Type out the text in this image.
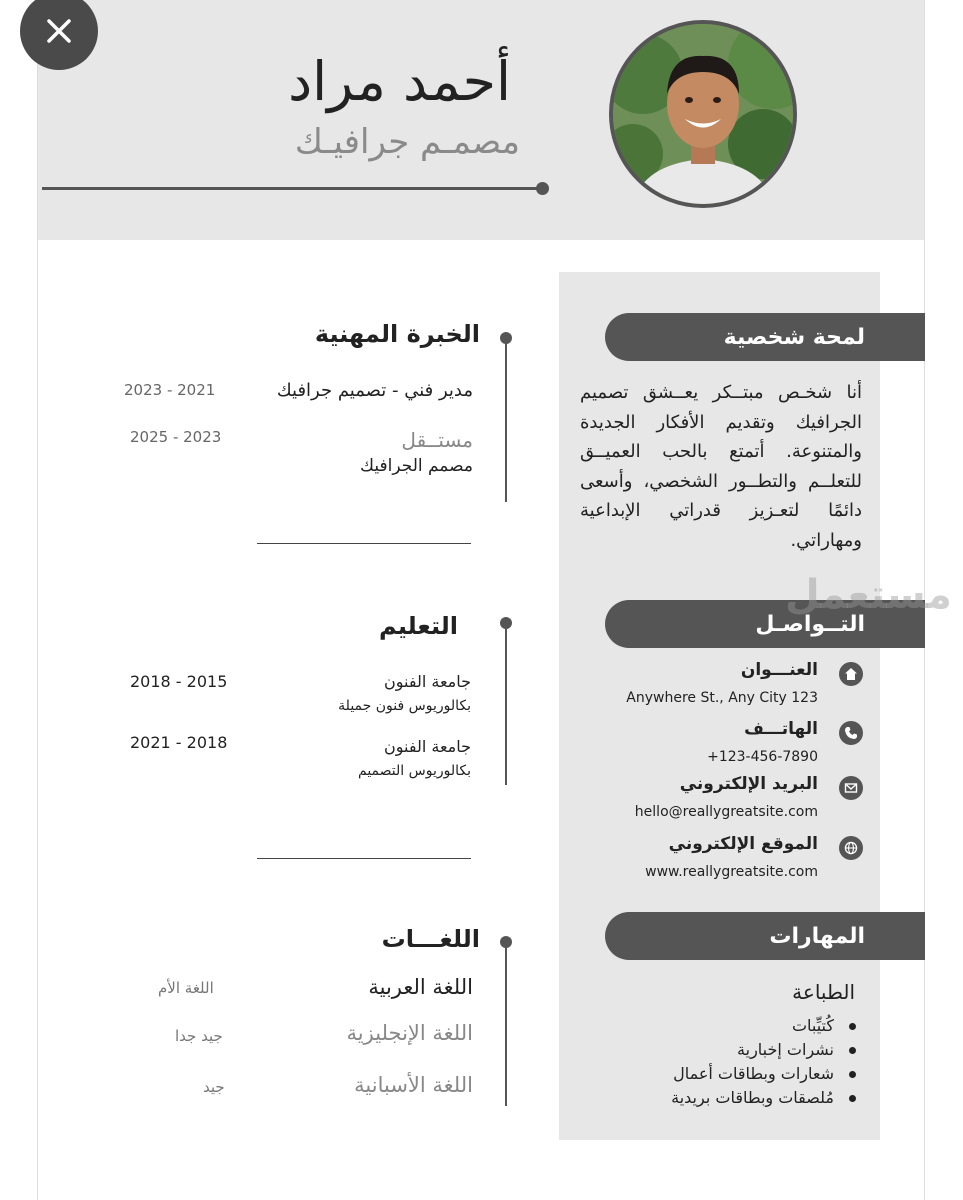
أحمد مراد
مصمـم جرافيـك
لمحة شخصية
أنا شخـص مبتــكر يعــشق تصميم الجرافيك وتقديم الأفكار الجديدة والمتنوعة. أتمتع بالحب العميــق للتعلــم والتطــور الشخصي، وأسعى دائمًا لتعـزيز قدراتي الإبداعية ومهاراتي.
التــواصـل
العنـــوان
Anywhere St., Any City 123
الهاتـــف
+123-456-7890
البريد الإلكتروني
hello@reallygreatsite.com
الموقع الإلكتروني
www.reallygreatsite.com
المهارات
الطباعة
كُتيِّبات
نشرات إخبارية
شعارات وبطاقات أعمال
مُلصقات وبطاقات بريدية
مستعمل
الخبرة المهنية
مدير فني - تصميم جرافيك
2023 - 2021
مستــقل
مصمم الجرافيك
2025 - 2023
التعليم
جامعة الفنون
بكالوريوس فنون جميلة
2018 - 2015
جامعة الفنون
بكالوريوس التصميم
2021 - 2018
اللغـــات
اللغة العربية
اللغة الأم
اللغة الإنجليزية
جيد جدا
اللغة الأسبانية
جيد
